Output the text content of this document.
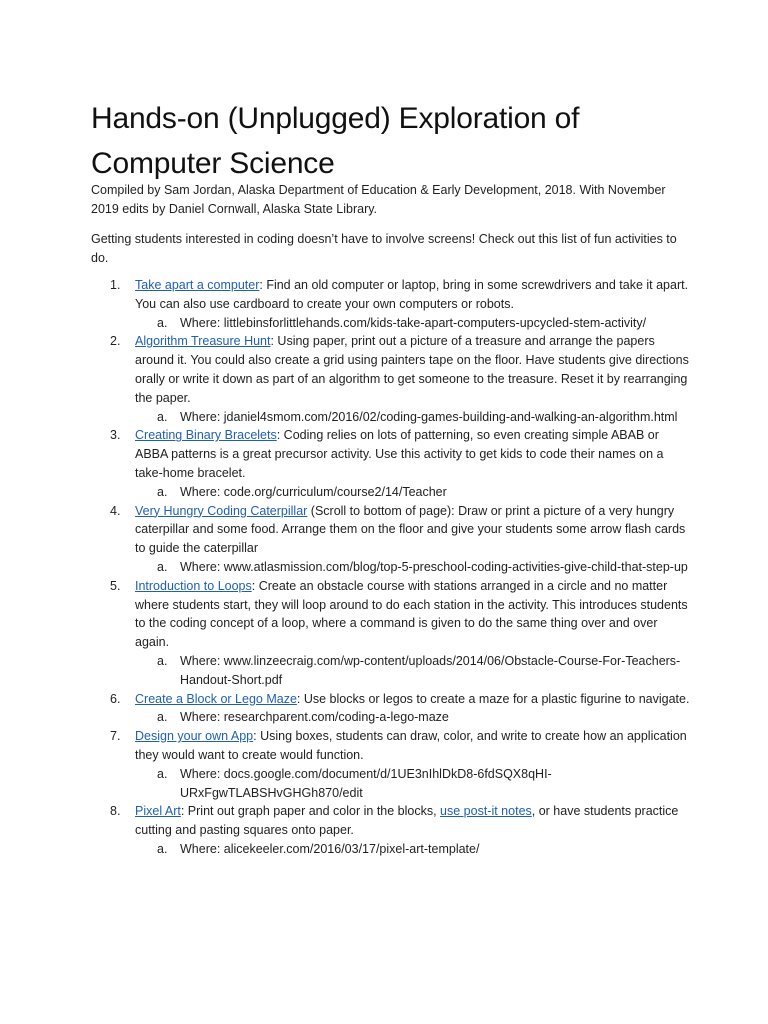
Hands-on (Unplugged) Exploration of Computer Science

Compiled by Sam Jordan, Alaska Department of Education & Early Development, 2018. With November 2019 edits by Daniel Cornwall, Alaska State Library.

Getting students interested in coding doesn’t have to involve screens! Check out this list of fun activities to do.

1. Take apart a computer: Find an old computer or laptop, bring in some screwdrivers and take it apart. You can also use cardboard to create your own computers or robots.

a. Where: littlebinsforlittlehands.com/kids-take-apart-computers-upcycled-stem-activity/

2. Algorithm Treasure Hunt: Using paper, print out a picture of a treasure and arrange the papers around it. You could also create a grid using painters tape on the floor. Have students give directions orally or write it down as part of an algorithm to get someone to the treasure. Reset it by rearranging the paper.

a. Where: jdaniel4smom.com/2016/02/coding-games-building-and-walking-an-algorithm.html

3. Creating Binary Bracelets: Coding relies on lots of patterning, so even creating simple ABAB or ABBA patterns is a great precursor activity. Use this activity to get kids to code their names on a take-home bracelet.

a. Where: code.org/curriculum/course2/14/Teacher

4. Very Hungry Coding Caterpillar (Scroll to bottom of page): Draw or print a picture of a very hungry caterpillar and some food. Arrange them on the floor and give your students some arrow flash cards to guide the caterpillar

a. Where: www.atlasmission.com/blog/top-5-preschool-coding-activities-give-child-that-step-up

5. Introduction to Loops: Create an obstacle course with stations arranged in a circle and no matter where students start, they will loop around to do each station in the activity. This introduces students to the coding concept of a loop, where a command is given to do the same thing over and over again.

a. Where: www.linzeecraig.com/wp-content/uploads/2014/06/Obstacle-Course-For-Teachers-Handout-Short.pdf

6. Create a Block or Lego Maze: Use blocks or legos to create a maze for a plastic figurine to navigate.

a. Where: researchparent.com/coding-a-lego-maze

7. Design your own App: Using boxes, students can draw, color, and write to create how an application they would want to create would function.

a. Where: docs.google.com/document/d/1UE3nIhlDkD8-6fdSQX8qHI-URxFgwTLABSHvGHGh870/edit

8. Pixel Art: Print out graph paper and color in the blocks, use post-it notes, or have students practice cutting and pasting squares onto paper.

a. Where: alicekeeler.com/2016/03/17/pixel-art-template/
